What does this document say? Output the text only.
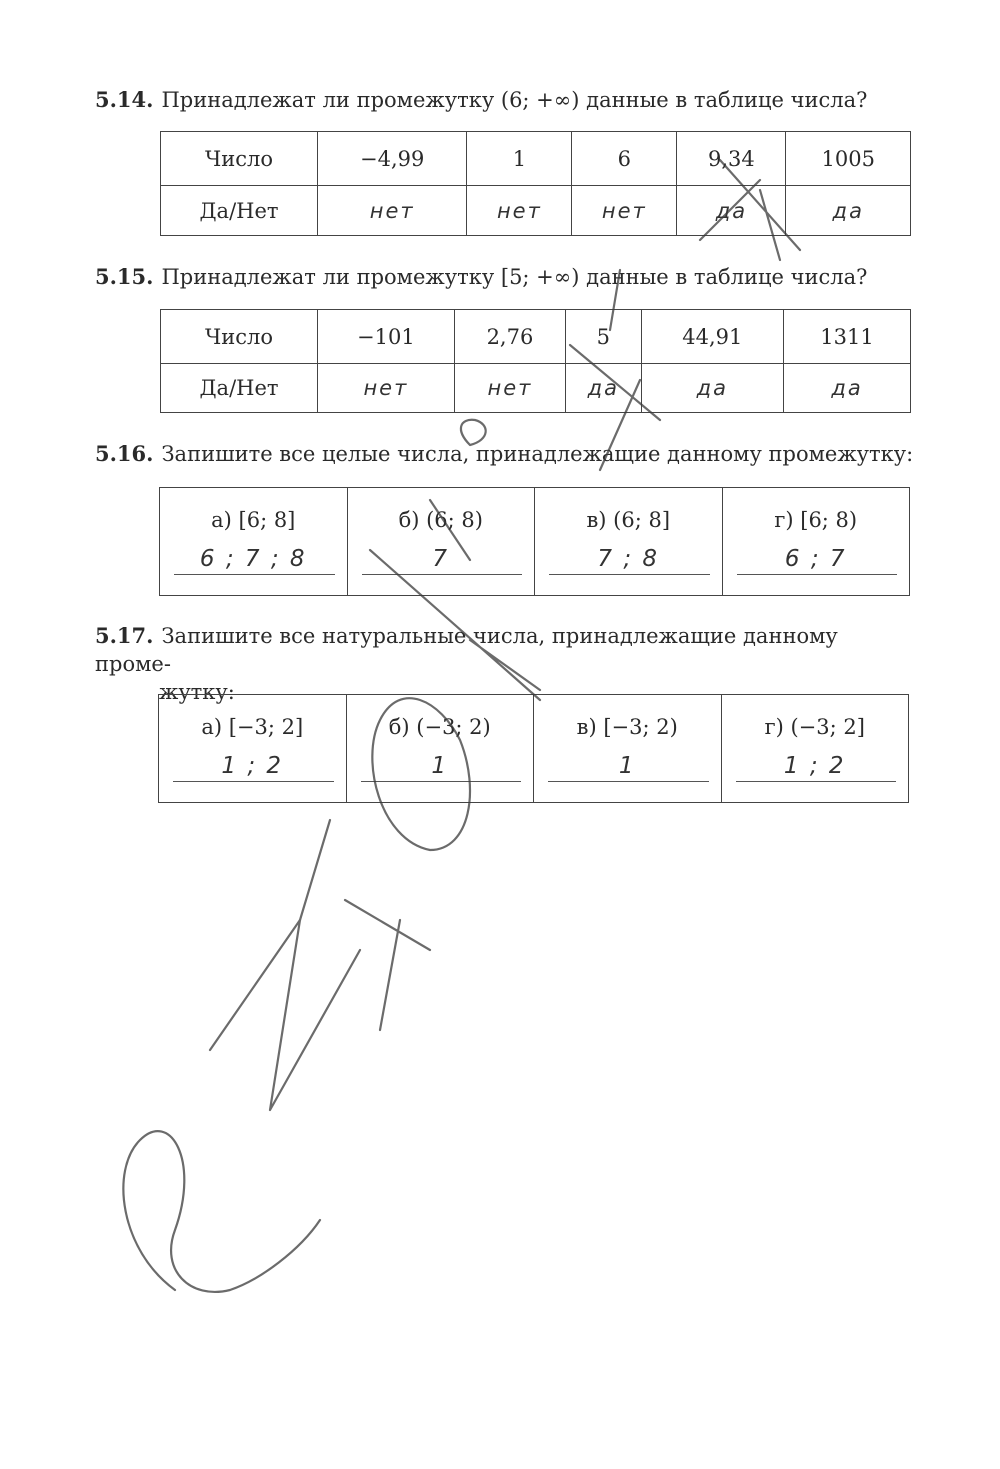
5.14. Принадлежат ли промежутку (6; +∞) данные в таблице числа?
Число	−4,99	1	6	9,34	1005
Да/Нет	нет	нет	нет	да	да
5.15. Принадлежат ли промежутку [5; +∞) данные в таблице числа?
Число	−101	2,76	5	44,91	1311
Да/Нет	нет	нет	да	да	да
5.16. Запишите все целые числа, принадлежащие данному промежутку:
а) [6; 8]
6 ; 7 ; 8

б) (6; 8)
7

в) (6; 8]
7 ; 8

г) [6; 8)
6 ; 7
5.17. Запишите все натуральные числа, принадлежащие данному проме-
жутку:
а) [−3; 2]
1 ; 2

б) (−3; 2)
1

в) [−3; 2)
1

г) (−3; 2]
1 ; 2
